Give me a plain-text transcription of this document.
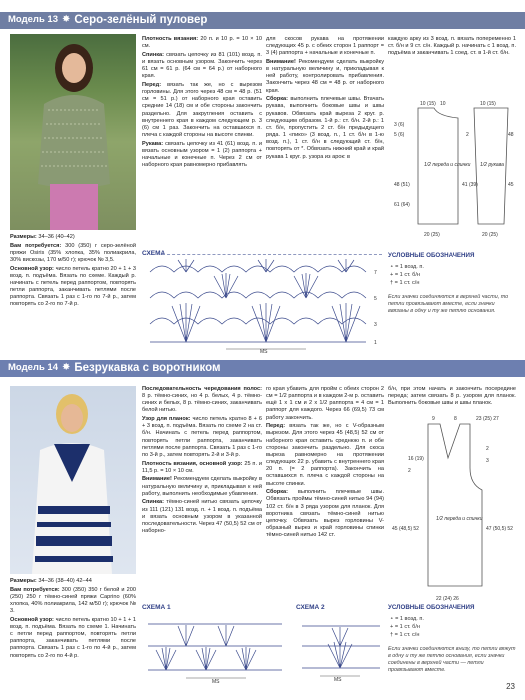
Модель 13 ✸ Серо-зелёный пуловер

Размеры: 34–36 (40–42)

Вам потребуется: 300 (350) г серо-зелёной пряжи Osiris (35% хлопка, 35% полиакрила, 30% вискозы, 170 м/50 г); крючок № 3,5.

Основной узор: число петель кратно 20 + 1 + 3 возд. п. подъёма. Вязать по схеме. Каждый р. начинать с петель перед раппортом, повторять петли раппорта, заканчивать петлями после раппорта. Связать 1 раз с 1-го по 7-й р., затем повторять со 2-го по 7-й р.

Плотность вязания: 20 п. и 10 р. = 10 × 10 см.

Спинка: связать цепочку из 81 (101) возд. п. и вязать основным узором. Закончить через 61 см = 61 р. (64 см = 64 р.) от наборного края.

Перед: вязать так же, но с вырезом горловины. Для этого через 48 см = 48 р. (51 см = 51 р.) от наборного края оставить средние 14 (18) см и обе стороны закончить раздельно. Для закругления оставить с внутреннего края в каждом следующем р. 3 (6) см 1 раз. Закончить на оставшихся п. плеча с каждой стороны на высоте спинки.

Рукава: связать цепочку из 41 (61) возд. п. и вязать основным узором = 1 (2) раппорта + начальные и конечные п. Через 2 см от наборного края равномерно прибавлять

для скосов рукава на протяжении следующих 45 р. с обеих сторон 1 раппорт = 3 (4) раппорта + начальные и конечные п.

Внимание! Рекомендуем сделать выкройку в натуральную величину и, прикладывая к ней работу, контролировать прибавления. Закончить через 48 см = 48 р. от наборного края.

Сборка: выполнить плечевые швы. Втачать рукава, выполнить боковые швы и швы рукавов. Обвязать край выреза 2 круг. р. следующим образом. 1-й р.: ст. б/н. 2-й р.: 1 ст. б/н, пропустить 2 ст. б/н предыдущего ряда. 1 «пико» (3 возд. п., 1 ст. б/н в 1-ю возд. п.), 1 ст. б/н в следующий ст. б/н, повторять от *. Обвязать нижний край и край рукава 1 круг. р. узора из арок: в

каждую арку из 3 возд. п. вязать попеременно 1 ст. б/н и 9 ст. с/н. Каждый р. начинать с 1 возд. п. подъёма и заканчивать 1 соед. ст. в 1-й ст. б/н.

10 (15) 10
20 (25)
3 (6)
5 (6)
48 (51)
61 (64)
1/2 переда и спинки
10 (15)
20 (25)
1/2 рукава
2
41 (39)
48
45
СХЕМА
7
5
3
1
MS
УСЛОВНЫЕ ОБОЗНАЧЕНИЯ
∘ = 1 возд. п.
+ = 1 ст. б/н
† = 1 ст. с/н
Если значки соединяются в верхней части, то петли провязывают вместе, если значки ввязаны в одну и ту же петлю основания.
Модель 14 ✸ Безрукавка с воротником

Размеры: 34–36 (38–40) 42–44

Вам потребуется: 300 (350) 350 г белой и 200 (250) 250 г тёмно-синей пряжи Caprino (60% хлопка, 40% полиакрила, 142 м/50 г); крючок № 3.

Основной узор: число петель кратно 10 + 1 + 1 возд. п. подъёма. Вязать по схеме 1. Начинать с петли перед раппортом, повторять петли раппорта, заканчивать петлями после раппорта. Связать 1 раз с 1-го по 4-й р., затем повторять со 2-го по 4-й р.

Последовательность чередования полос: 8 р. тёмно-синих, но 4 р. белых, 4 р. тёмно-синих и белых, 8 р. тёмно-синих, заканчивать белой нитью.

Узор для планок: число петель кратно 8 + 6 + 3 возд. п. подъёма. Вязать по схеме 2 на ст. б/н. Начинать с петель перед раппортом, повторять петли раппорта, заканчивать петлями после раппорта. Связать 1 раз с 1-го по 3-й р., затем повторять 2-й и 3-й р.

Плотность вязания, основной узор: 25 п. и 11,5 р. = 10 × 10 см.

Внимание! Рекомендуем сделать выкройку в натуральную величину и, прикладывая к ней работу, выполнить необходимые убавления.

Спинка: тёмно-синей нитью связать цепочку из 111 (121) 131 возд. п. + 1 возд. п. подъёма и вязать основным узором в указанной последовательности. Через 47 (50,5) 52 см от наборно-

го края убавить для пройм с обеих сторон 2 см = 1/2 раппорта и в каждом 2-м р. оставить ещё 1 х 1 см и 2 х 1/2 раппорта = 4 см = 1 раппорт для каждого. Через 66 (69,5) 73 см работу закончить.

Перед: вязать так же, но с V-образным вырезом. Для этого через 45 (48,5) 52 см от наборного края оставить среднюю п. и обе стороны закончить раздельно. Для скоса выреза равномерно на протяжении следующих 22 р. убавить с внутреннего края 20 п. (= 2 раппорта). Закончить на оставшихся п. плеча с каждой стороны на высоте спинки.

Сборка: выполнить плечевые швы. Обвязать проймы тёмно-синей нитью 94 (94) 102 ст. б/н в 3 ряда узором для планок. Для воротника связать тёмно-синей нитью цепочку. Обвязать вырез горловины V-образный вырез и край горловины спинки тёмно-синей нитью 142 ст.

б/н, при этом начать и закончить посередине переда; затем связать 8 р. узором для планок. Выполнить боковые швы и швы планок.

9	8	23 (25) 27
45 (48,5) 52	47 (50,5) 52
1/2 переда и спинки
22 (24) 26
2
3
16 (19)
2
СХЕМА 1	СХЕМА 2
MS	MS
УСЛОВНЫЕ ОБОЗНАЧЕНИЯ
∘ = 1 возд. п.
+ = 1 ст. б/н
† = 1 ст. с/н
Если значки соединяются внизу, то петли вяжут в одну и ту же петлю основания, если значки соединены в верхней части — петли провязывают вместе.
23
